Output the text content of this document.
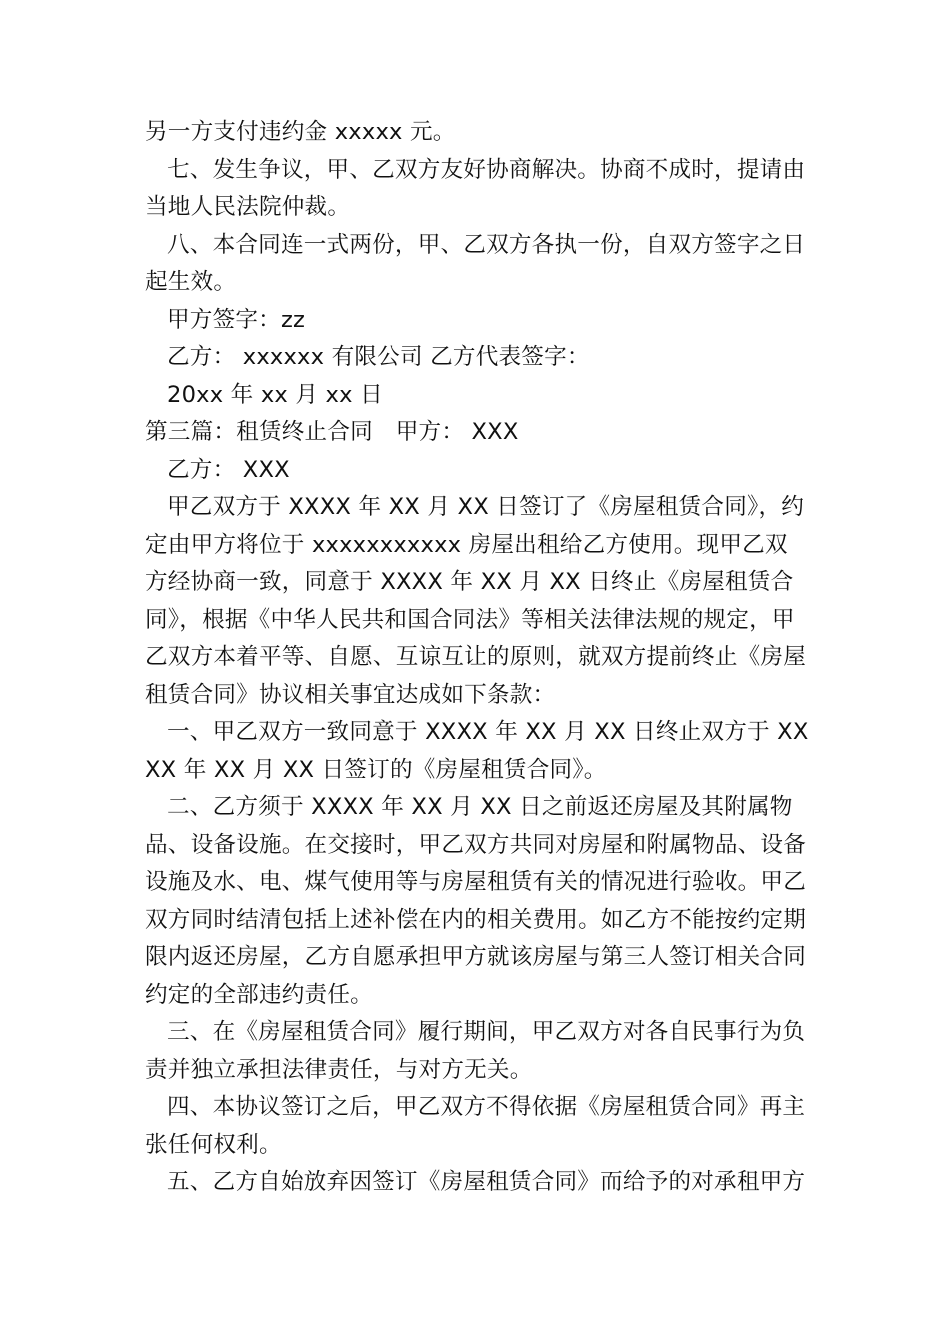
另一方支付违约金 xxxxx 元。

七、发生争议，甲、乙双方友好协商解决。协商不成时，提请由当地人民法院仲裁。

八、本合同连一式两份，甲、乙双方各执一份，自双方签字之日起生效。

甲方签字：zz

乙方： xxxxxx 有限公司 乙方代表签字：

20xx 年 xx 月 xx 日

第三篇：租赁终止合同　甲方： XXX

乙方： XXX

甲乙双方于 XXXX 年 XX 月 XX 日签订了《房屋租赁合同》，约定由甲方将位于 xxxxxxxxxxx 房屋出租给乙方使用。现甲乙双方经协商一致，同意于 XXXX 年 XX 月 XX 日终止《房屋租赁合同》，根据《中华人民共和国合同法》等相关法律法规的规定，甲乙双方本着平等、自愿、互谅互让的原则，就双方提前终止《房屋租赁合同》协议相关事宜达成如下条款：

一、甲乙双方一致同意于 XXXX 年 XX 月 XX 日终止双方于 XXXX 年 XX 月 XX 日签订的《房屋租赁合同》。

二、乙方须于 XXXX 年 XX 月 XX 日之前返还房屋及其附属物品、设备设施。在交接时，甲乙双方共同对房屋和附属物品、设备设施及水、电、煤气使用等与房屋租赁有关的情况进行验收。甲乙双方同时结清包括上述补偿在内的相关费用。如乙方不能按约定期限内返还房屋，乙方自愿承担甲方就该房屋与第三人签订相关合同约定的全部违约责任。

三、在《房屋租赁合同》履行期间，甲乙双方对各自民事行为负责并独立承担法律责任，与对方无关。

四、本协议签订之后，甲乙双方不得依据《房屋租赁合同》再主张任何权利。

五、乙方自始放弃因签订《房屋租赁合同》而给予的对承租甲方
